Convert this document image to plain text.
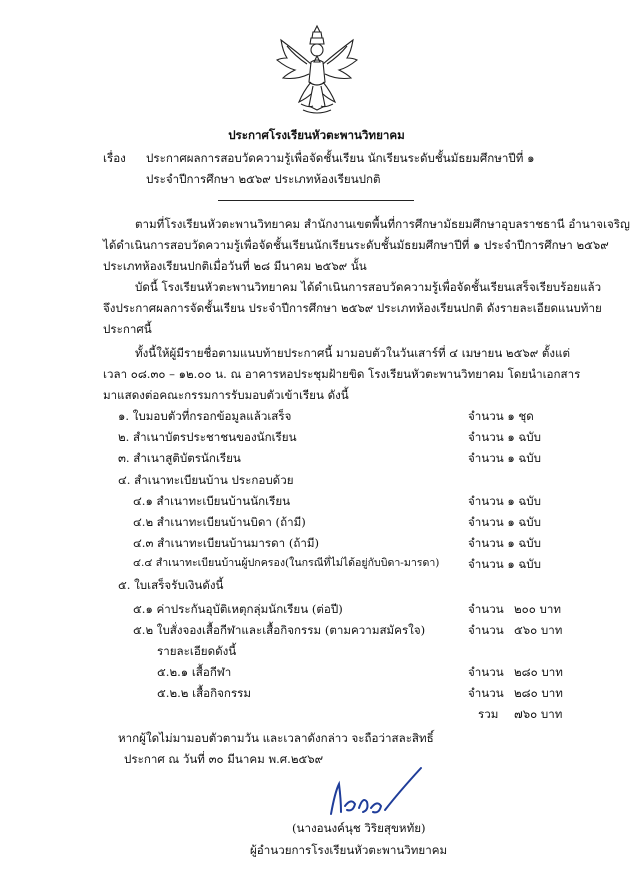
ประกาศโรงเรียนหัวตะพานวิทยาคม
เรื่อง ประกาศผลการสอบวัดความรู้เพื่อจัดชั้นเรียน นักเรียนระดับชั้นมัธยมศึกษาปีที่ ๑
ประจำปีการศึกษา ๒๕๖๙ ประเภทห้องเรียนปกติ
ตามที่โรงเรียนหัวตะพานวิทยาคม สำนักงานเขตพื้นที่การศึกษามัธยมศึกษาอุบลราชธานี อำนาจเจริญ
ได้ดำเนินการสอบวัดความรู้เพื่อจัดชั้นเรียนนักเรียนระดับชั้นมัธยมศึกษาปีที่ ๑ ประจำปีการศึกษา ๒๕๖๙
ประเภทห้องเรียนปกติเมื่อวันที่ ๒๘ มีนาคม ๒๕๖๙ นั้น
บัดนี้ โรงเรียนหัวตะพานวิทยาคม ได้ดำเนินการสอบวัดความรู้เพื่อจัดชั้นเรียนเสร็จเรียบร้อยแล้ว
จึงประกาศผลการจัดชั้นเรียน ประจำปีการศึกษา ๒๕๖๙ ประเภทห้องเรียนปกติ ดังรายละเอียดแนบท้าย
ประกาศนี้
ทั้งนี้ให้ผู้มีรายชื่อตามแนบท้ายประกาศนี้ มามอบตัวในวันเสาร์ที่ ๔ เมษายน ๒๕๖๙ ตั้งแต่
เวลา ๐๘.๓๐ – ๑๒.๐๐ น. ณ อาคารหอประชุมฝ้ายขิด โรงเรียนหัวตะพานวิทยาคม โดยนำเอกสาร
มาแสดงต่อคณะกรรมการรับมอบตัวเข้าเรียน ดังนี้
๑. ใบมอบตัวที่กรอกข้อมูลแล้วเสร็จ	จำนวน ๑ ชุด
๒. สำเนาบัตรประชาชนของนักเรียน	จำนวน ๑ ฉบับ
๓. สำเนาสูติบัตรนักเรียน	จำนวน ๑ ฉบับ
๔. สำเนาทะเบียนบ้าน ประกอบด้วย
๔.๑ สำเนาทะเบียนบ้านนักเรียน	จำนวน ๑ ฉบับ
๔.๒ สำเนาทะเบียนบ้านบิดา (ถ้ามี)	จำนวน ๑ ฉบับ
๔.๓ สำเนาทะเบียนบ้านมารดา (ถ้ามี)	จำนวน ๑ ฉบับ
๔.๔ สำเนาทะเบียนบ้านผู้ปกครอง(ในกรณีที่ไม่ได้อยู่กับบิดา-มารดา) จำนวน ๑ ฉบับ
๕. ใบเสร็จรับเงินดังนี้
๕.๑ ค่าประกันอุบัติเหตุกลุ่มนักเรียน (ต่อปี)	จำนวน ๒๐๐ บาท
๕.๒ ใบสั่งจองเสื้อกีฬาและเสื้อกิจกรรม (ตามความสมัครใจ)	จำนวน ๕๖๐ บาท
รายละเอียดดังนี้
๕.๒.๑ เสื้อกีฬา	จำนวน ๒๘๐ บาท
๕.๒.๒ เสื้อกิจกรรม	จำนวน ๒๘๐ บาท
รวม ๗๖๐ บาท
หากผู้ใดไม่มามอบตัวตามวัน และเวลาดังกล่าว จะถือว่าสละสิทธิ์
ประกาศ ณ วันที่ ๓๐ มีนาคม พ.ศ.๒๕๖๙
(นางอนงค์นุช วิริยสุขหทัย)
ผู้อำนวยการโรงเรียนหัวตะพานวิทยาคม
